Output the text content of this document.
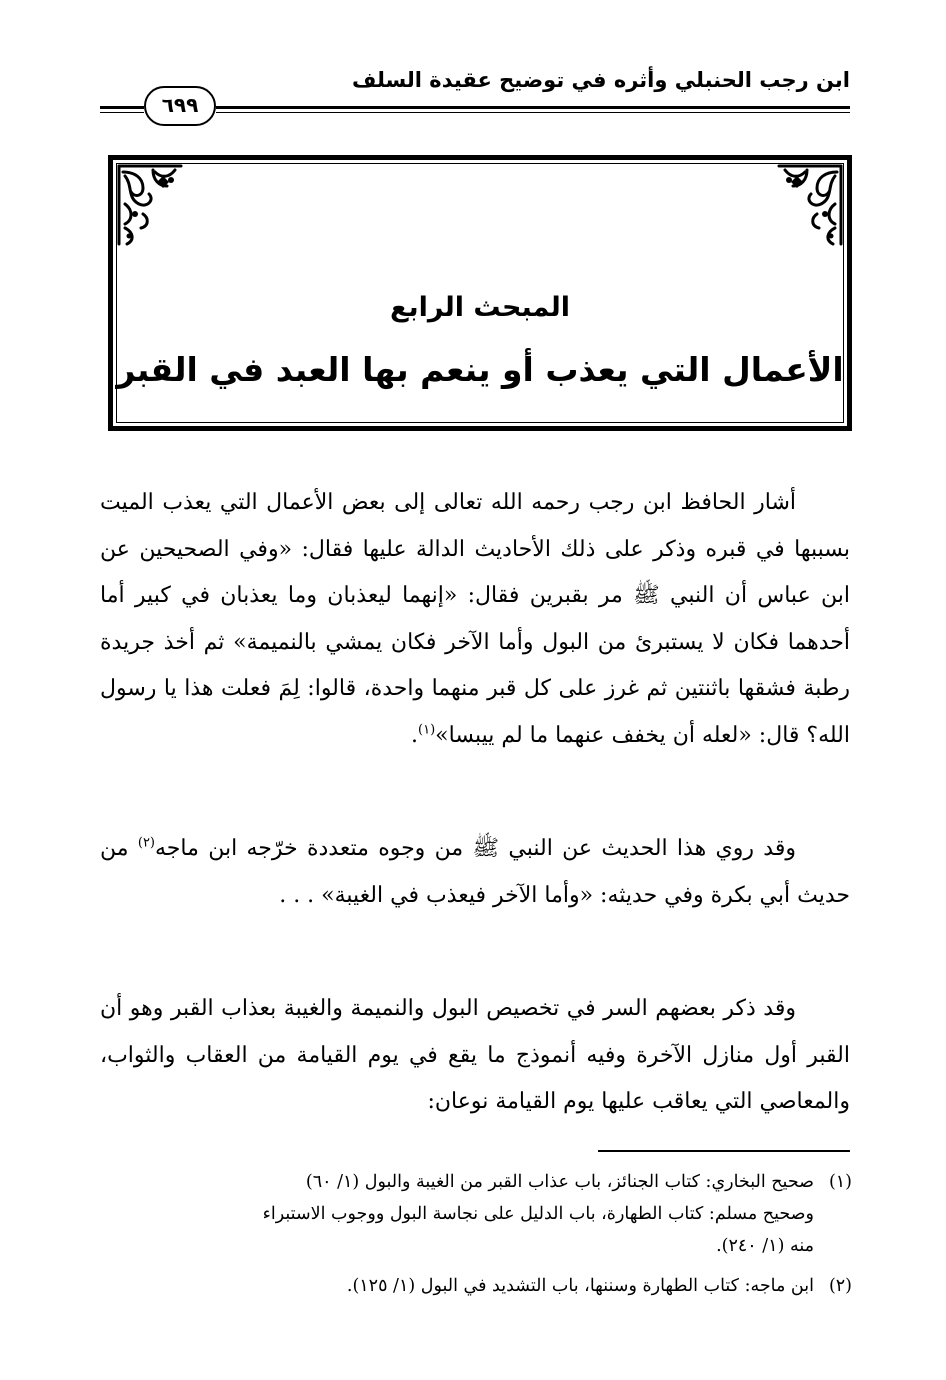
ابن رجب الحنبلي وأثره في توضيح عقيدة السلف
٦٩٩
المبحث الرابع
الأعمال التي يعذب أو ينعم بها العبد في القبر

أشار الحافظ ابن رجب رحمه الله تعالى إلى بعض الأعمال التي يعذب الميت بسببها في قبره وذكر على ذلك الأحاديث الدالة عليها فقال: «وفي الصحيحين عن ابن عباس أن النبي ﷺ مر بقبرين فقال: «إنهما ليعذبان وما يعذبان في كبير أما أحدهما فكان لا يستبرئ من البول وأما الآخر فكان يمشي بالنميمة» ثم أخذ جريدة رطبة فشقها باثنتين ثم غرز على كل قبر منهما واحدة، قالوا: لِمَ فعلت هذا يا رسول الله؟ قال: «لعله أن يخفف عنهما ما لم ييبسا»$^{(١)}$.

وقد روي هذا الحديث عن النبي ﷺ من وجوه متعددة خرّجه ابن ماجه$^{(٢)}$ من حديث أبي بكرة وفي حديثه: «وأما الآخر فيعذب في الغيبة» . . .

وقد ذكر بعضهم السر في تخصيص البول والنميمة والغيبة بعذاب القبر وهو أن القبر أول منازل الآخرة وفيه أنموذج ما يقع في يوم القيامة من العقاب والثواب، والمعاصي التي يعاقب عليها يوم القيامة نوعان:

(١)صحيح البخاري: كتاب الجنائز، باب عذاب القبر من الغيبة والبول (١/ ٦٠)
وصحيح مسلم: كتاب الطهارة، باب الدليل على نجاسة البول ووجوب الاستبراء
منه (١/ ٢٤٠).

(٢)ابن ماجه: كتاب الطهارة وسننها، باب التشديد في البول (١/ ١٢٥).
